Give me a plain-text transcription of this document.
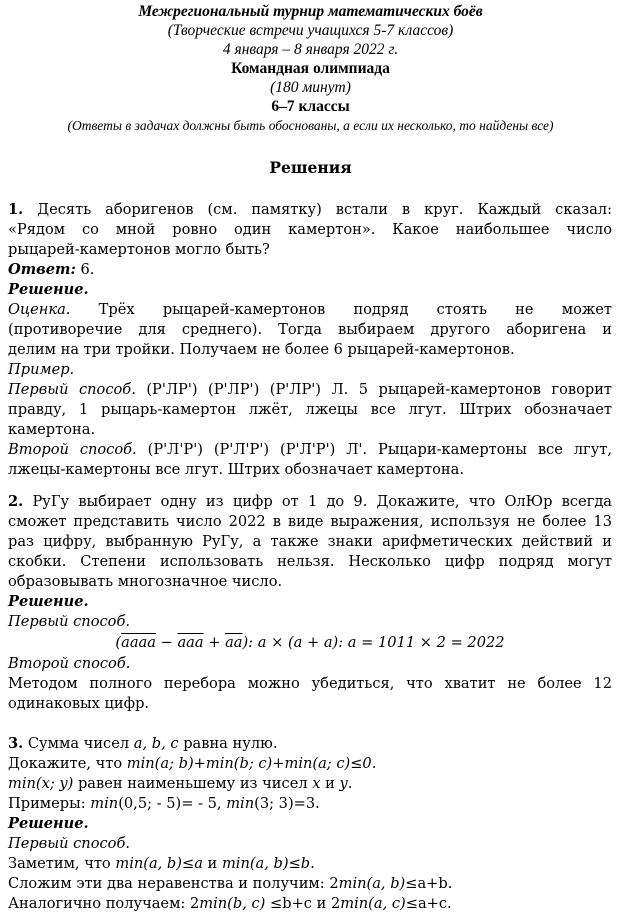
Межрегиональный турнир математических боёв
(Творческие встречи учащихся 5-7 классов)
4 января – 8 января 2022 г.
Командная олимпиада
(180 минут)
6–7 классы
(Ответы в задачах должны быть обоснованы, а если их несколько, то найдены все)
Решения
1. Десять аборигенов (см. памятку) встали в круг. Каждый сказал:
«Рядом со мной ровно один камертон». Какое наибольшее число
рыцарей-камертонов могло быть?
Ответ: 6.
Решение.
Оценка. Трёх рыцарей-камертонов подряд стоять не может
(противоречие для среднего). Тогда выбираем другого аборигена и
делим на три тройки. Получаем не более 6 рыцарей-камертонов.
Пример.
Первый способ. (Р'ЛР') (Р'ЛР') (Р'ЛР') Л. 5 рыцарей-камертонов говорит
правду, 1 рыцарь-камертон лжёт, лжецы все лгут. Штрих обозначает
камертона.
Второй способ. (Р'Л'Р') (Р'Л'Р') (Р'Л'Р') Л'. Рыцари-камертоны все лгут,
лжецы-камертоны все лгут. Штрих обозначает камертона.
2. РуГу выбирает одну из цифр от 1 до 9. Докажите, что ОлЮр всегда
сможет представить число 2022 в виде выражения, используя не более 13
раз цифру, выбранную РуГу, а также знаки арифметических действий и
скобки. Степени использовать нельзя. Несколько цифр подряд могут
образовывать многозначное число.
Решение.
Первый способ.
(aaaa − $\overline{aaa} + \overline{aa}$): a × (a + a): a = 1011 × 2 = 2022
Второй способ.
Методом полного перебора можно убедиться, что хватит не более 12
одинаковых цифр.
3. Сумма чисел a, b, c равна нулю.
Докажите, что min(a; b)+min(b; c)+min(a; c)≤0.
min(x; y) равен наименьшему из чисел x и y.
Примеры: min(0,5; - 5)= - 5, min(3; 3)=3.
Решение.
Первый способ.
Заметим, что min(a, b)≤a и min(a, b)≤b.
Сложим эти два неравенства и получим: 2min(a, b)≤a+b.
Аналогично получаем: 2min(b, c) ≤b+c и 2min(a, c)≤a+c.
